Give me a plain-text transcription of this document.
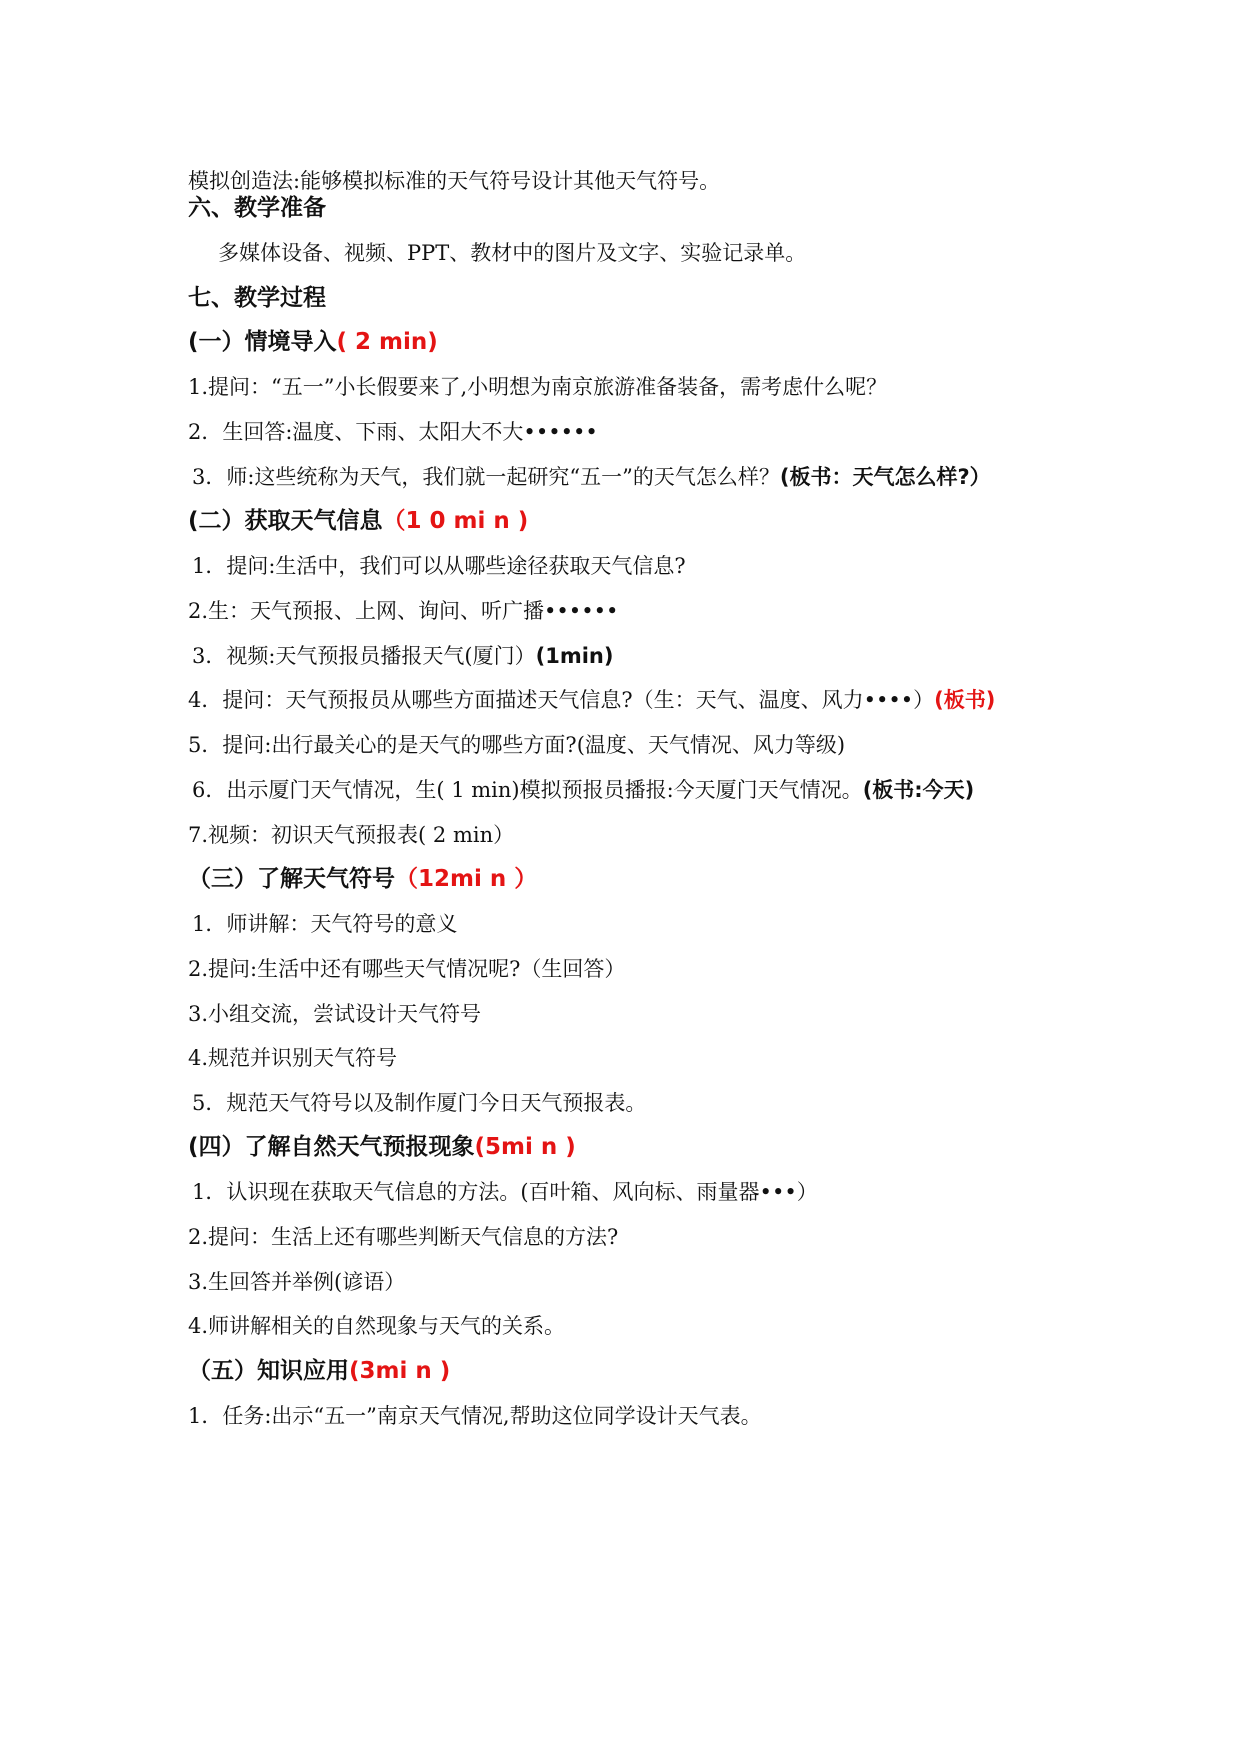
模拟创造法:能够模拟标准的天气符号设计其他天气符号。
六、教学准备
多媒体设备、视频、PPT、教材中的图片及文字、实验记录单。
七、教学过程
(一）情境导入( 2 min)
1.提问：“五一”小长假要来了,小明想为南京旅游准备装备，需考虑什么呢？
2．生回答:温度、下雨、太阳大不大••••••
3．师:这些统称为天气，我们就一起研究“五一”的天气怎么样？(板书：天气怎么样?）
(二）获取天气信息（1 0 mi n )
1．提问:生活中，我们可以从哪些途径获取天气信息?
2.生：天气预报、上网、询问、听广播••••••
3．视频:天气预报员播报天气(厦门）(1min)
4．提问：天气预报员从哪些方面描述天气信息?（生：天气、温度、风力••••）(板书)
5．提问:出行最关心的是天气的哪些方面?(温度、天气情况、风力等级)
6．出示厦门天气情况，生( 1 min)模拟预报员播报:今天厦门天气情况。(板书:今天)
7.视频：初识天气预报表( 2 min）
（三）了解天气符号（12mi n ）
1．师讲解：天气符号的意义
2.提问:生活中还有哪些天气情况呢?（生回答）
3.小组交流，尝试设计天气符号
4.规范并识别天气符号
5．规范天气符号以及制作厦门今日天气预报表。
(四）了解自然天气预报现象(5mi n )
1．认识现在获取天气信息的方法。(百叶箱、风向标、雨量器•••）
2.提问：生活上还有哪些判断天气信息的方法?
3.生回答并举例(谚语）
4.师讲解相关的自然现象与天气的关系。
（五）知识应用(3mi n )
1．任务:出示“五一”南京天气情况,帮助这位同学设计天气表。
